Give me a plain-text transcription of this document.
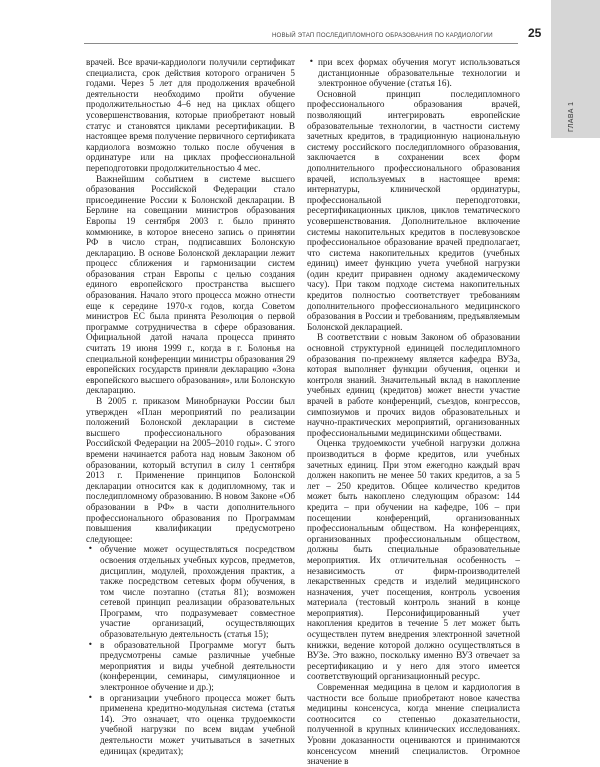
НОВЫЙ ЭТАП ПОСЛЕДИПЛОМНОГО ОБРАЗОВАНИЯ ПО КАРДИОЛОГИИ	25
ГЛАВА 1

врачей. Все врачи-кардиологи получили сертификат специалиста, срок действия которого ограничен 5 годами. Через 5 лет для продолжения врачебной деятельности необходимо пройти обучение продолжительностью 4–6 нед на циклах общего усовершенствования, которые приобретают новый статус и становятся циклами ресертификации. В настоящее время получение первичного сертификата кардиолога возможно только после обучения в ординатуре или на циклах профессиональной переподготовки продолжительностью 4 мес.

Важнейшим событием в системе высшего образования Российской Федерации стало присоединение России к Болонской декларации. В Берлине на совещании министров образования Европы 19 сентября 2003 г. было принято коммюнике, в которое внесено запись о принятии РФ в число стран, подписавших Болонскую декларацию. В основе Болонской декларации лежит процесс сближения и гармонизации систем образования стран Европы с целью создания единого европейского пространства высшего образования. Начало этого процесса можно отнести еще к середине 1970-х годов, когда Советом министров ЕС была принята Резолюция о первой программе сотрудничества в сфере образования. Официальной датой начала процесса принято считать 19 июня 1999 г., когда в г. Болонья на специальной конференции министры образования 29 европейских государств приняли декларацию «Зона европейского высшего образования», или Болонскую декларацию.

В 2005 г. приказом Минобрнауки России был утвержден «План мероприятий по реализации положений Болонской декларации в системе высшего профессионального образования Российской Федерации на 2005–2010 годы». С этого времени начинается работа над новым Законом об образовании, который вступил в силу 1 сентября 2013 г. Применение принципов Болонской декларации относится как к додипломному, так и последипломному образованию. В новом Законе «Об образовании в РФ» в части дополнительного профессионального образования по Программам повышения квалификации предусмотрено следующее:

• обучение может осуществляться посредством освоения отдельных учебных курсов, предметов, дисциплин, модулей, прохождения практик, а также посредством сетевых форм обучения, в том числе поэтапно (статья 81); возможен сетевой принцип реализации образовательных Программ, что подразумевает совместное участие организаций, осуществляющих образовательную деятельность (статья 15);
• в образовательной Программе могут быть предусмотрены самые различные учебные мероприятия и виды учебной деятельности (конференции, семинары, симуляционное и электронное обучение и др.);
• в организации учебного процесса может быть применена кредитно-модульная система (статья 14). Это означает, что оценка трудоемкости учебной нагрузки по всем видам учебной деятельности может учитываться в зачетных единицах (кредитах);
• при всех формах обучения могут использоваться дистанционные образовательные технологии и электронное обучение (статья 16).

Основной принцип последипломного профессионального образования врачей, позволяющий интегрировать европейские образовательные технологии, в частности систему зачетных кредитов, в традиционную национальную систему российского последипломного образования, заключается в сохранении всех форм дополнительного профессионального образования врачей, используемых в настоящее время: интернатуры, клинической ординатуры, профессиональной переподготовки, ресертификационных циклов, циклов тематического усовершенствования. Дополнительное включение системы накопительных кредитов в послевузовское профессиональное образование врачей предполагает, что система накопительных кредитов (учебных единиц) имеет функцию учета учебной нагрузки (один кредит приравнен одному академическому часу). При таком подходе система накопительных кредитов полностью соответствует требованиям дополнительного профессионального медицинского образования в России и требованиям, предъявляемым Болонской декларацией.

В соответствии с новым Законом об образовании основной структурной единицей последипломного образования по-прежнему является кафедра ВУЗа, которая выполняет функции обучения, оценки и контроля знаний. Значительный вклад в накопление учебных единиц (кредитов) может внести участие врачей в работе конференций, съездов, конгрессов, симпозиумов и прочих видов образовательных и научно-практических мероприятий, организованных профессиональными медицинскими обществами.

Оценка трудоемкости учебной нагрузки должна производиться в форме кредитов, или учебных зачетных единиц. При этом ежегодно каждый врач должен накопить не менее 50 таких кредитов, а за 5 лет – 250 кредитов. Общее количество кредитов может быть накоплено следующим образом: 144 кредита – при обучении на кафедре, 106 – при посещении конференций, организованных профессиональным обществом. На конференциях, организованных профессиональным обществом, должны быть специальные образовательные мероприятия. Их отличительная особенность – независимость от фирм-производителей лекарственных средств и изделий медицинского назначения, учет посещения, контроль усвоения материала (тестовый контроль знаний в конце мероприятия). Персонифицированный учет накопления кредитов в течение 5 лет может быть осуществлен путем внедрения электронной зачетной книжки, ведение которой должно осуществляться в ВУЗе. Это важно, поскольку именно ВУЗ отвечает за ресертификацию и у него для этого имеется соответствующий организационный ресурс.

Современная медицина в целом и кардиология в частности все больше приобретают новое качества медицины консенсуса, когда мнение специалиста соотносится со степенью доказательности, полученной в крупных клинических исследованиях. Уровни доказанности оцениваются и принимаются консенсусом мнений специалистов. Огромное значение в
